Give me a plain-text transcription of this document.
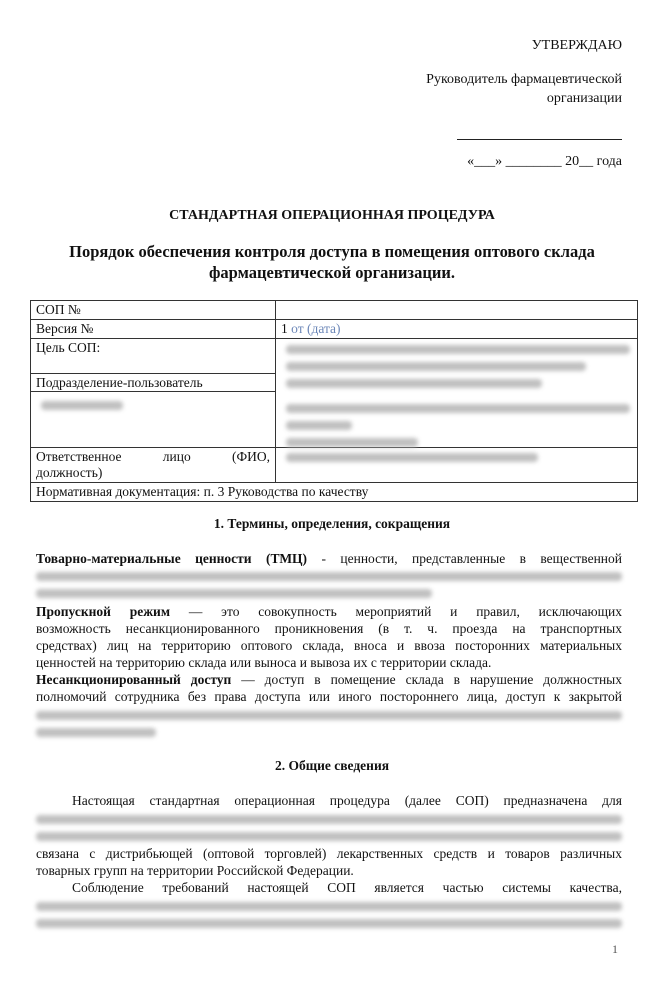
УТВЕРЖДАЮ
Руководитель фармацевтической
организации
«___» ________ 20__ года
СТАНДАРТНАЯ ОПЕРАЦИОННАЯ ПРОЦЕДУРА
Порядок обеспечения контроля доступа в помещения оптового склада
фармацевтической организации.
СОП №	
Версия №	1 от (дата)

Цель СОП:
Подразделение-пользователь	

Ответственное лицо (ФИО,
должность)	

Нормативная документация: п. 3 Руководства по качеству	
1. Термины, определения, сокращения
Товарно-материальные ценности (ТМЦ) - ценности, представленные в вещественной
Пропускной режим — это совокупность мероприятий и правил, исключающих
возможность несанкционированного проникновения (в т. ч. проезда на транспортных
средствах) лиц на территорию оптового склада, вноса и ввоза посторонних материальных
ценностей на территорию склада или выноса и вывоза их с территории склада.
Несанкционированный доступ — доступ в помещение склада в нарушение должностных
полномочий сотрудника без права доступа или иного постороннего лица, доступ к закрытой
2. Общие сведения
Настоящая стандартная операционная процедура (далее СОП) предназначена для
связана с дистрибьющей (оптовой торговлей) лекарственных средств и товаров различных
товарных групп на территории Российской Федерации.
Соблюдение требований настоящей СОП является частью системы качества,
1
